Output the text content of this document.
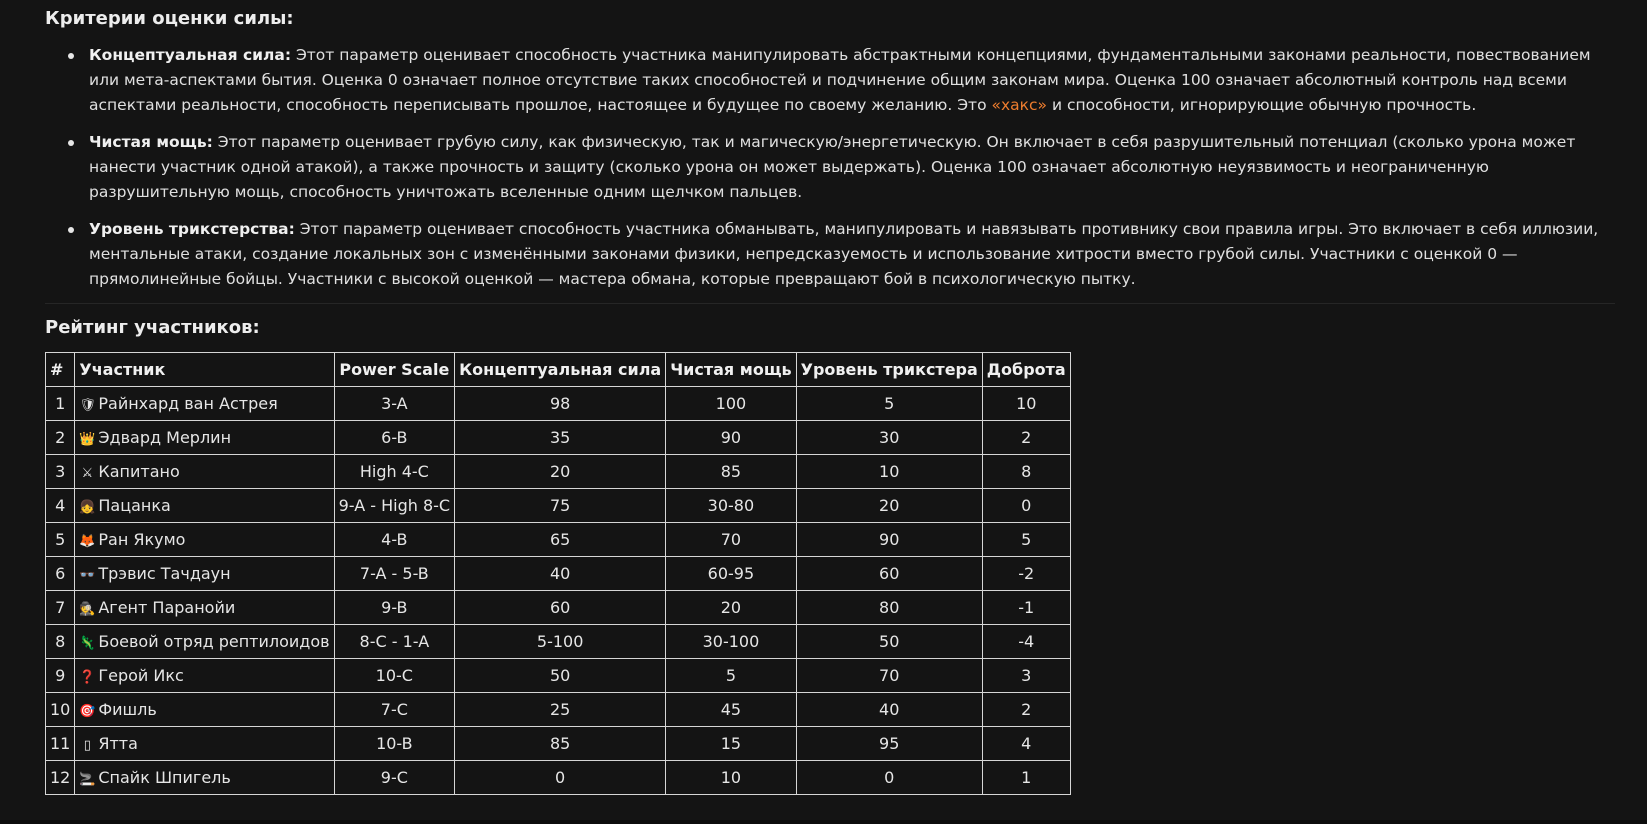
Критерии оценки силы:
Концептуальная сила: Этот параметр оценивает способность участника манипулировать абстрактными концепциями, фундаментальными законами реальности, повествованием или мета-аспектами бытия. Оценка 0 означает полное отсутствие таких способностей и подчинение общим законам мира. Оценка 100 означает абсолютный контроль над всеми аспектами реальности, способность переписывать прошлое, настоящее и будущее по своему желанию. Это «хакс» и способности, игнорирующие обычную прочность.
Чистая мощь: Этот параметр оценивает грубую силу, как физическую, так и магическую/энергетическую. Он включает в себя разрушительный потенциал (сколько урона может нанести участник одной атакой), а также прочность и защиту (сколько урона он может выдержать). Оценка 100 означает абсолютную неуязвимость и неограниченную разрушительную мощь, способность уничтожать вселенные одним щелчком пальцев.
Уровень трикстерства: Этот параметр оценивает способность участника обманывать, манипулировать и навязывать противнику свои правила игры. Это включает в себя иллюзии, ментальные атаки, создание локальных зон с изменёнными законами физики, непредсказуемость и использование хитрости вместо грубой силы. Участники с оценкой 0 — прямолинейные бойцы. Участники с высокой оценкой — мастера обмана, которые превращают бой в психологическую пытку.
Рейтинг участников:
#	Участник	Power Scale	Концептуальная сила	Чистая мощь	Уровень трикстера	Доброта
1	🛡 Райнхард ван Астрея	3-A	98	100	5	10
2	👑 Эдвард Мерлин	6-B	35	90	30	2
3	⚔ Капитано	High 4-C	20	85	10	8
4	👧 Пацанка	9-A - High 8-C	75	30-80	20	0
5	🦊 Ран Якумо	4-B	65	70	90	5
6	👓 Трэвис Тачдаун	7-A - 5-B	40	60-95	60	-2
7	🕵 Агент Паранойи	9-B	60	20	80	-1
8	🦎 Боевой отряд рептилоидов	8-C - 1-A	5-100	30-100	50	-4
9	❓ Герой Икс	10-C	50	5	70	3
10	🎯 Фишль	7-C	25	45	40	2
11	▯ Ятта	10-B	85	15	95	4
12	🚬 Спайк Шпигель	9-C	0	10	0	1
